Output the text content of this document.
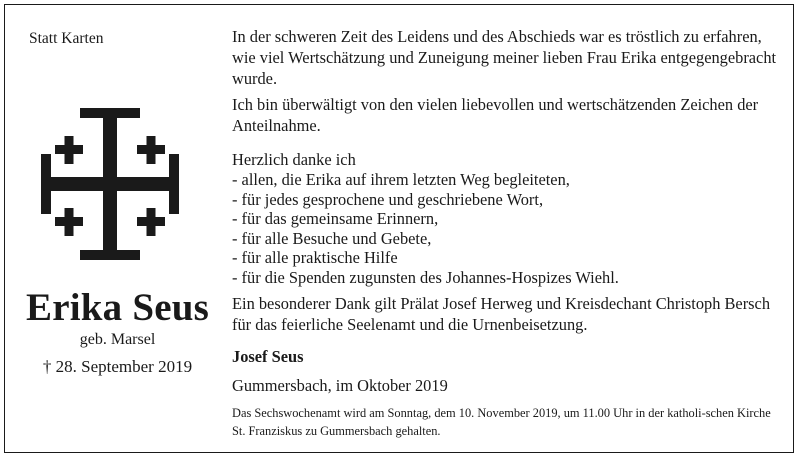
Statt Karten
Erika Seus
geb. Marsel
† 28. September 2019

In der schweren Zeit des Leidens und des Abschieds war es tröstlich zu erfahren, wie viel Wertschätzung und Zuneigung meiner lieben Frau Erika entgegengebracht wurde.

Ich bin überwältigt von den vielen liebevollen und wertschätzenden Zeichen der Anteilnahme.

Herzlich danke ich

- allen, die Erika auf ihrem letzten Weg begleiteten,
- für jedes gesprochene und geschriebene Wort,
- für das gemeinsame Erinnern,
- für alle Besuche und Gebete,
- für alle praktische Hilfe
- für die Spenden zugunsten des Johannes-Hospizes Wiehl.

Ein besonderer Dank gilt Prälat Josef Herweg und Kreisdechant Christoph Bersch für das feierliche Seelenamt und die Urnenbeisetzung.

Josef Seus

Gummersbach, im Oktober 2019

Das Sechswochenamt wird am Sonntag, dem 10. November 2019, um 11.00 Uhr in der katholi-schen Kirche St. Franziskus zu Gummersbach gehalten.
